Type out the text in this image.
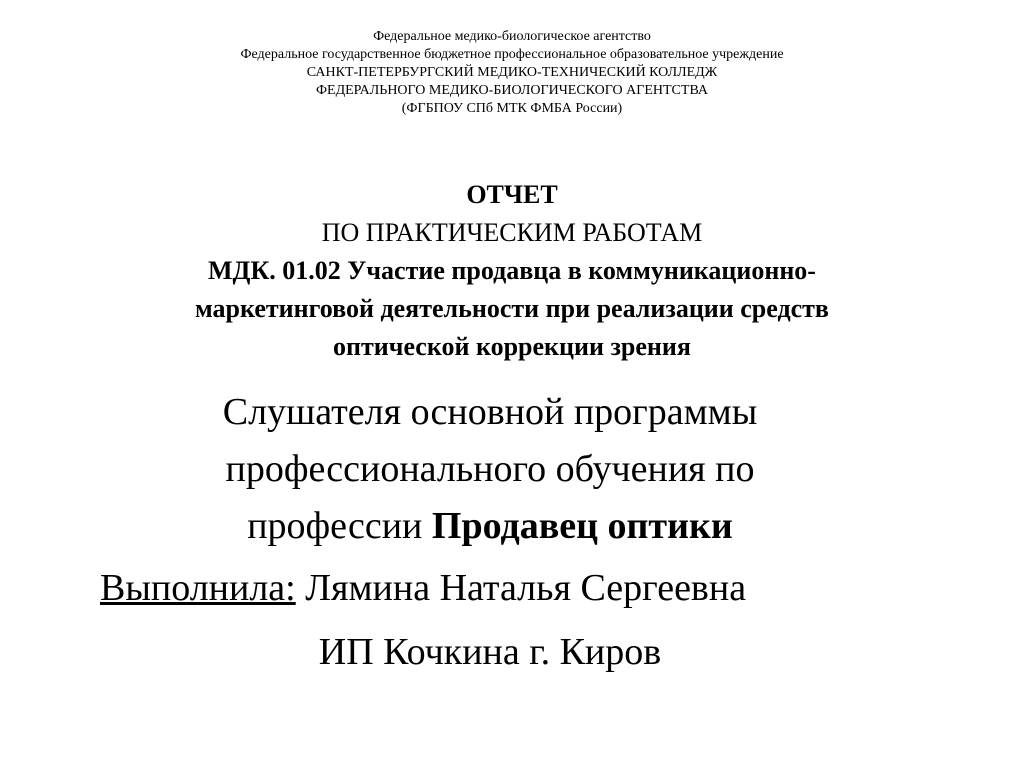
Федеральное медико-биологическое агентство
Федеральное государственное бюджетное профессиональное образовательное учреждение
САНКТ-ПЕТЕРБУРГСКИЙ МЕДИКО-ТЕХНИЧЕСКИЙ КОЛЛЕДЖ
ФЕДЕРАЛЬНОГО МЕДИКО-БИОЛОГИЧЕСКОГО АГЕНТСТВА
(ФГБПОУ СПб МТК ФМБА России)
ОТЧЕТ
ПО ПРАКТИЧЕСКИМ РАБОТАМ
МДК. 01.02 Участие продавца в коммуникационно-
маркетинговой деятельности при реализации средств
оптической коррекции зрения
Слушателя основной программы
профессионального обучения по
профессии Продавец оптики
Выполнила: Лямина Наталья Сергеевна
ИП Кочкина г. Киров
